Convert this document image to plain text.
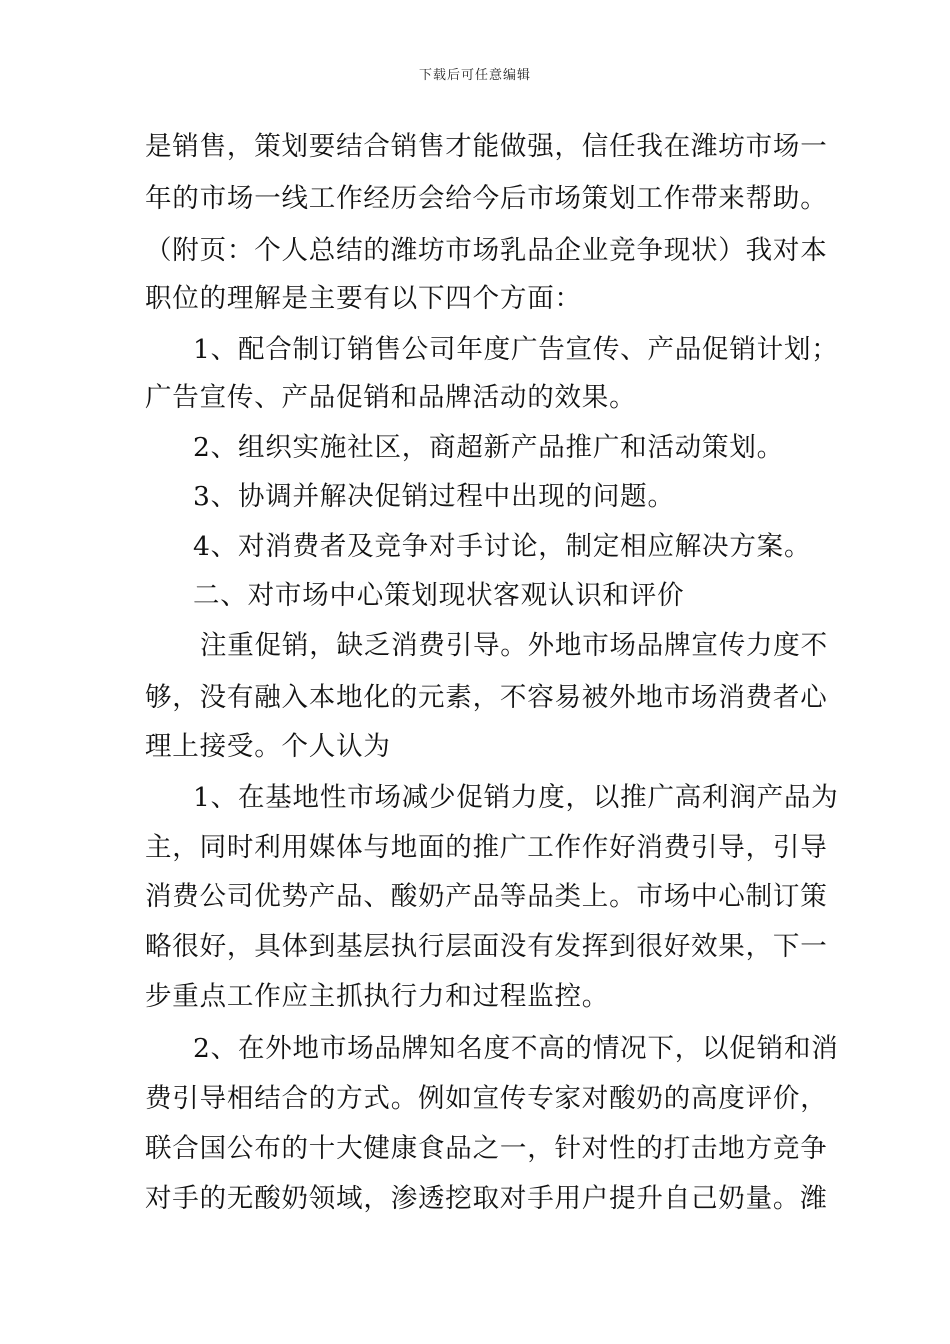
下载后可任意编辑
是销售，策划要结合销售才能做强，信任我在潍坊市场一
年的市场一线工作经历会给今后市场策划工作带来帮助。
（附页：个人总结的潍坊市场乳品企业竞争现状）我对本
职位的理解是主要有以下四个方面：
1、配合制订销售公司年度广告宣传、产品促销计划；
广告宣传、产品促销和品牌活动的效果。
2、组织实施社区，商超新产品推广和活动策划。
3、协调并解决促销过程中出现的问题。
4、对消费者及竞争对手讨论，制定相应解决方案。
二、对市场中心策划现状客观认识和评价
注重促销，缺乏消费引导。外地市场品牌宣传力度不
够，没有融入本地化的元素，不容易被外地市场消费者心
理上接受。个人认为
1、在基地性市场减少促销力度，以推广高利润产品为
主，同时利用媒体与地面的推广工作作好消费引导，引导
消费公司优势产品、酸奶产品等品类上。市场中心制订策
略很好，具体到基层执行层面没有发挥到很好效果，下一
步重点工作应主抓执行力和过程监控。
2、在外地市场品牌知名度不高的情况下，以促销和消
费引导相结合的方式。例如宣传专家对酸奶的高度评价，
联合国公布的十大健康食品之一，针对性的打击地方竞争
对手的无酸奶领域，渗透挖取对手用户提升自己奶量。潍
